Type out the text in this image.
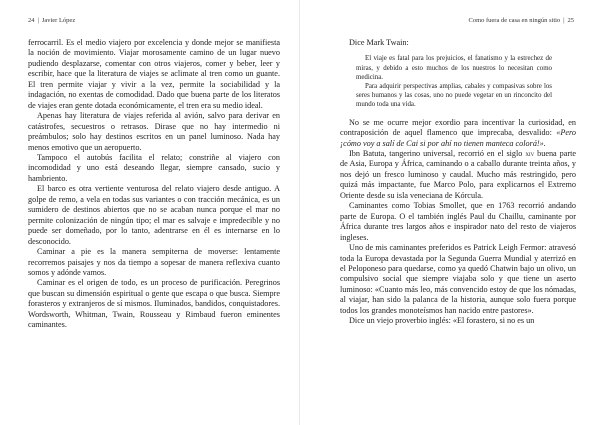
24 | Javier López

ferrocarril. Es el medio viajero por excelencia y donde mejor se manifiesta la noción de movimiento. Viajar morosamente camino de un lugar nuevo pudiendo desplazarse, comentar con otros viajeros, comer y beber, leer y escribir, hace que la literatura de viajes se aclimate al tren como un guante. El tren permite viajar y vivir a la vez, permite la sociabilidad y la indagación, no exentas de comodidad. Dado que buena parte de los literatos de viajes eran gente dotada económicamente, el tren era su medio ideal.

Apenas hay literatura de viajes referida al avión, salvo para derivar en catástrofes, secuestros o retrasos. Dirase que no hay intermedio ni preámbulos; solo hay destinos escritos en un panel luminoso. Nada hay menos emotivo que un aeropuerto.

Tampoco el autobús facilita el relato; constriñe al viajero con incomodidad y uno está deseando llegar, siempre cansado, sucio y hambriento.

El barco es otra vertiente venturosa del relato viajero desde antiguo. A golpe de remo, a vela en todas sus variantes o con tracción mecánica, es un sumidero de destinos abiertos que no se acaban nunca porque el mar no permite colonización de ningún tipo; el mar es salvaje e impredecible y no puede ser domeñado, por lo tanto, adentrarse en él es internarse en lo desconocido.

Caminar a pie es la manera sempiterna de moverse: lentamente recorremos paisajes y nos da tiempo a sopesar de manera reflexiva cuanto somos y adónde vamos.

Caminar es el origen de todo, es un proceso de purificación. Peregrinos que buscan su dimensión espiritual o gente que escapa o que busca. Siempre forasteros y extranjeros de sí mismos. Iluminados, bandidos, conquistadores. Wordsworth, Whitman, Twain, Rousseau y Rimbaud fueron eminentes caminantes.

Como fuera de casa en ningún sitio | 25
Dice Mark Twain:

El viaje es fatal para los prejuicios, el fanatismo y la estrechez de miras, y debido a esto muchos de los nuestros lo necesitan como medicina.

Para adquirir perspectivas amplias, cabales y compasivas sobre los seres humanos y las cosas, uno no puede vegetar en un rinconcito del mundo toda una vida.

No se me ocurre mejor exordio para incentivar la curiosidad, en contraposición de aquel flamenco que imprecaba, desvalido: «Pero ¡cómo voy a salí de Cai si por ahí no tienen manteca colorá!».

Ibn Batuta, tangerino universal, recorrió en el siglo xiv buena parte de Asia, Europa y África, caminando o a caballo durante treinta años, y nos dejó un fresco luminoso y caudal. Mucho más restringido, pero quizá más impactante, fue Marco Polo, para explicarnos el Extremo Oriente desde su isla veneciana de Kórcula.

Caminantes como Tobias Smollet, que en 1763 recorrió andando parte de Europa. O el también inglés Paul du Chaillu, caminante por África durante tres largos años e inspirador nato del resto de viajeros ingleses.

Uno de mis caminantes preferidos es Patrick Leigh Fermor: atravesó toda la Europa devastada por la Segunda Guerra Mundial y aterrizó en el Peloponeso para quedarse, como ya quedó Chatwin bajo un olivo, un compulsivo social que siempre viajaba solo y que tiene un aserto luminoso: «Cuanto más leo, más convencido estoy de que los nómadas, al viajar, han sido la palanca de la historia, aunque solo fuera porque todos los grandes monoteísmos han nacido entre pastores».

Dice un viejo proverbio inglés: «El forastero, si no es un
